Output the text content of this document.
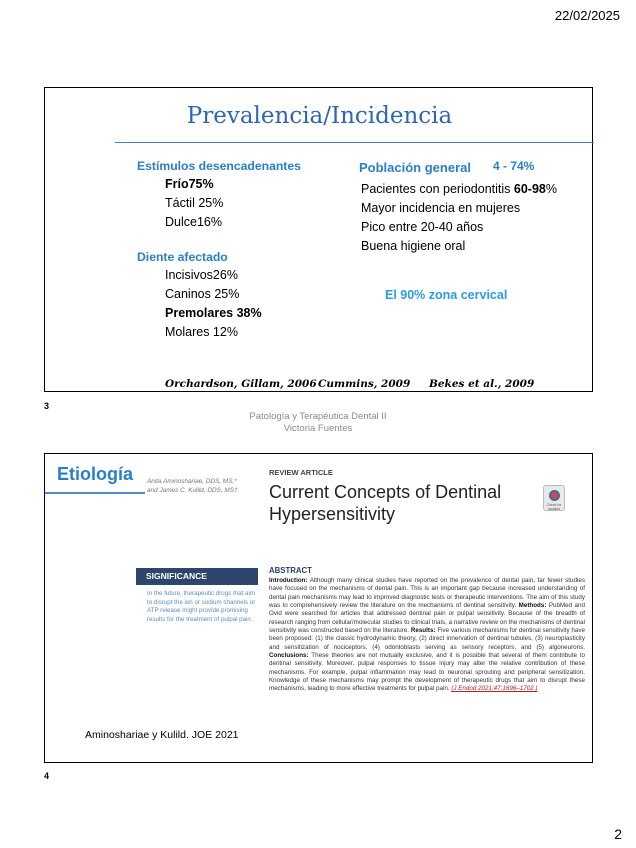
22/02/2025
Prevalencia/Incidencia
Estímulos desencadenantes
Frío75%
Táctil 25%
Dulce16%
Diente afectado
Incisivos26%
Caninos 25%
Premolares 38%
Molares 12%
Población general 4 - 74%
Pacientes con periodontitis 60-98%
Mayor incidencia en mujeres
Pico entre 20-40 años
Buena higiene oral
El 90% zona cervical
Orchardson, Gillam, 2006 Cummins, 2009 Bekes et al., 2009
3
Patología y Terapéutica Dental II
Victoria Fuentes
Etiología Anita Aminoshariae, DDS, MS,*
and James C. Kulild, DDS, MS†
REVIEW ARTICLE
Current Concepts of Dentinal Hypersensitivity	Check for updates
SIGNIFICANCE
In the future, therapeutic drugs that aim to disrupt the ion or sodium channels or ATP release might provide promising results for the treatment of pulpal pain.
ABSTRACT
Introduction: Although many clinical studies have reported on the prevalence of dental pain, far fewer studies have focused on the mechanisms of dental pain. This is an important gap because increased understanding of dental pain mechanisms may lead to improved diagnostic tests or therapeutic interventions. The aim of this study was to comprehensively review the literature on the mechanisms of dentinal sensitivity. Methods: PubMed and Ovid were searched for articles that addressed dentinal pain or pulpal sensitivity. Because of the breadth of research ranging from cellular/molecular studies to clinical trials, a narrative review on the mechanisms of dentinal sensitivity was constructed based on the literature. Results: Five various mechanisms for dentinal sensitivity have been proposed: (1) the classic hydrodynamic theory, (2) direct innervation of dentinal tubules, (3) neuroplasticity and sensitization of nociceptors, (4) odontoblasts serving as sensory receptors, and (5) algoneurons. Conclusions: These theories are not mutually exclusive, and it is possible that several of them contribute to dentinal sensitivity. Moreover, pulpal responses to tissue injury may alter the relative contribution of these mechanisms. For example, pulpal inflammation may lead to neuronal sprouting and peripheral sensitization. Knowledge of these mechanisms may prompt the development of therapeutic drugs that aim to disrupt these mechanisms, leading to more effective treatments for pulpal pain. (J Endod 2021;47:1696–1702.)
Aminoshariae y Kulild. JOE 2021
4
2
